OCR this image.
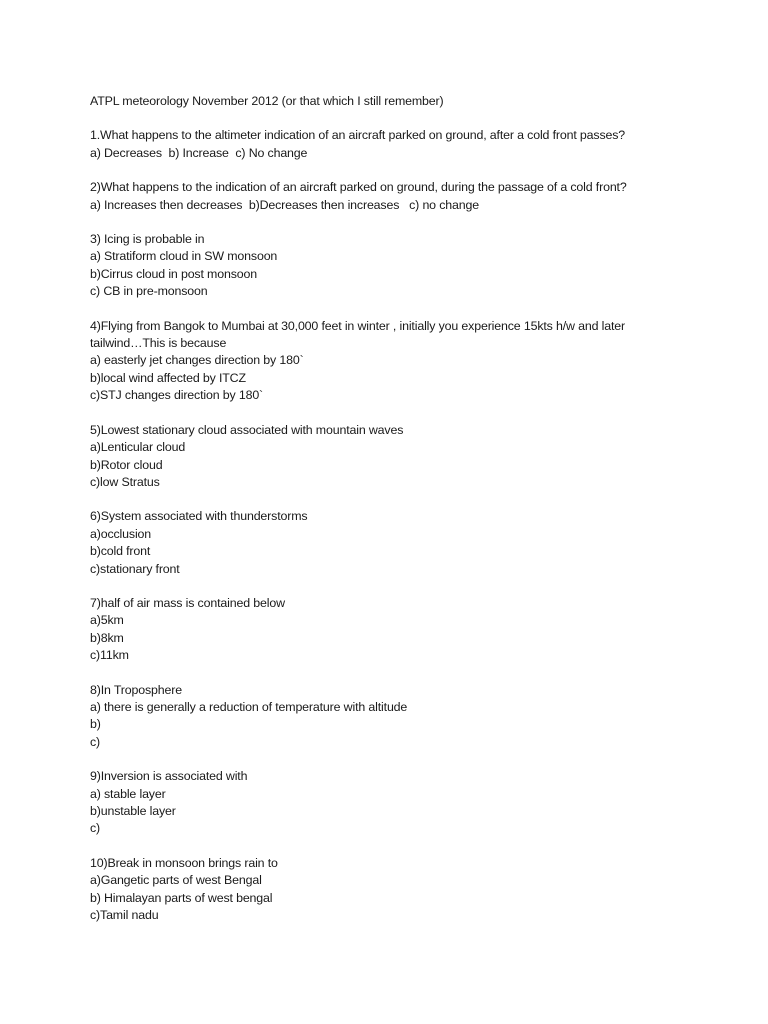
ATPL meteorology November 2012 (or that which I still remember)
1.What happens to the altimeter indication of an aircraft parked on ground, after a cold front passes?
a) Decreases  b) Increase  c) No change
2)What happens to the indication of an aircraft parked on ground, during the passage of a cold front?
a) Increases then decreases  b)Decreases then increases   c) no change
3) Icing is probable in
a) Stratiform cloud in SW monsoon
b)Cirrus cloud in post monsoon
c) CB in pre-monsoon
4)Flying from Bangok to Mumbai at 30,000 feet in winter , initially you experience 15kts h/w and later
tailwind…This is because
a) easterly jet changes direction by 180`
b)local wind affected by ITCZ
c)STJ changes direction by 180`
5)Lowest stationary cloud associated with mountain waves
a)Lenticular cloud
b)Rotor cloud
c)low Stratus
6)System associated with thunderstorms
a)occlusion
b)cold front
c)stationary front
7)half of air mass is contained below
a)5km
b)8km
c)11km
8)In Troposphere
a) there is generally a reduction of temperature with altitude
b)
c)
9)Inversion is associated with
a) stable layer
b)unstable layer
c)
10)Break in monsoon brings rain to
a)Gangetic parts of west Bengal
b) Himalayan parts of west bengal
c)Tamil nadu
